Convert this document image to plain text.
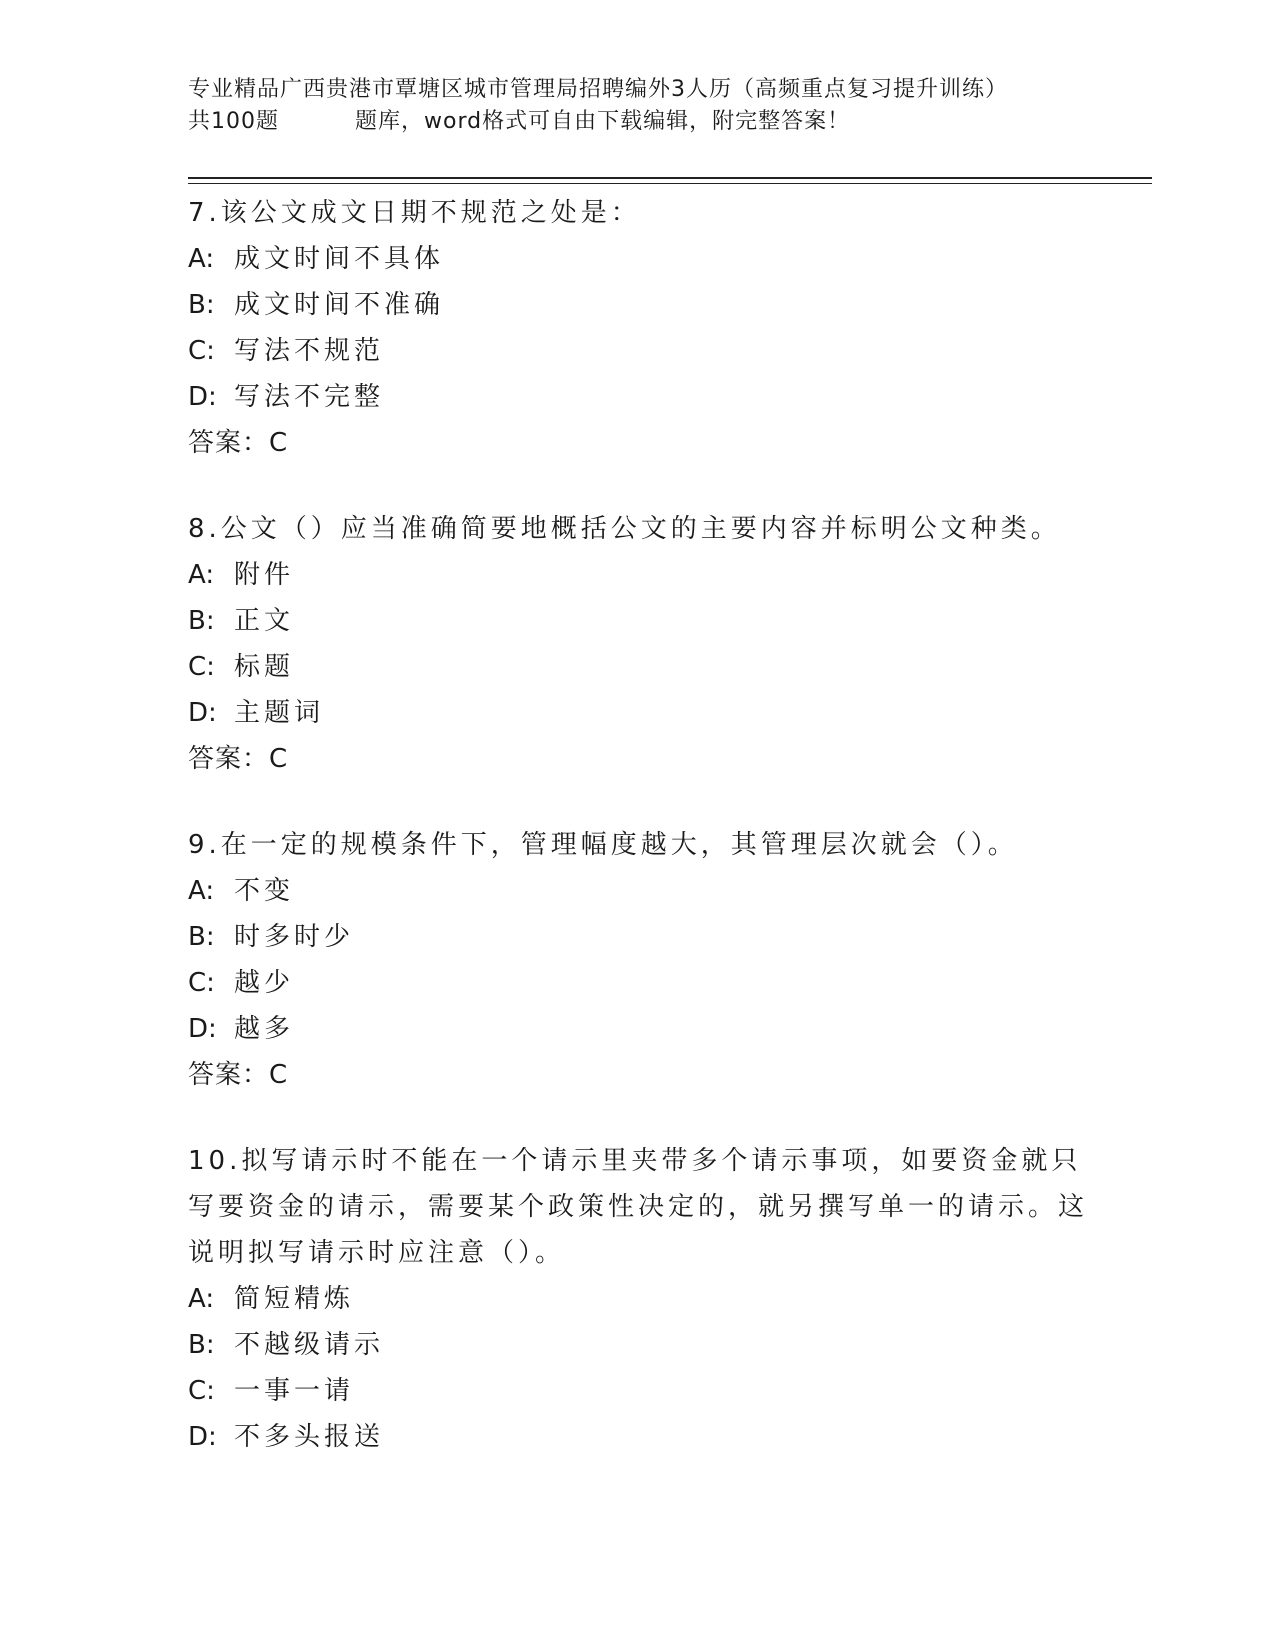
专业精品广西贵港市覃塘区城市管理局招聘编外3人历（高频重点复习提升训练）
共100题	题库，word格式可自由下载编辑，附完整答案！
7.该公文成文日期不规范之处是：
A: 成文时间不具体
B: 成文时间不准确
C: 写法不规范
D: 写法不完整
答案：C
8.公文（）应当准确简要地概括公文的主要内容并标明公文种类。
A: 附件
B: 正文
C: 标题
D: 主题词
答案：C
9.在一定的规模条件下，管理幅度越大，其管理层次就会（）。
A: 不变
B: 时多时少
C: 越少
D: 越多
答案：C
10.拟写请示时不能在一个请示里夹带多个请示事项，如要资金就只写要资金的请示，需要某个政策性决定的，就另撰写单一的请示。这说明拟写请示时应注意（）。
A: 简短精炼
B: 不越级请示
C: 一事一请
D: 不多头报送
